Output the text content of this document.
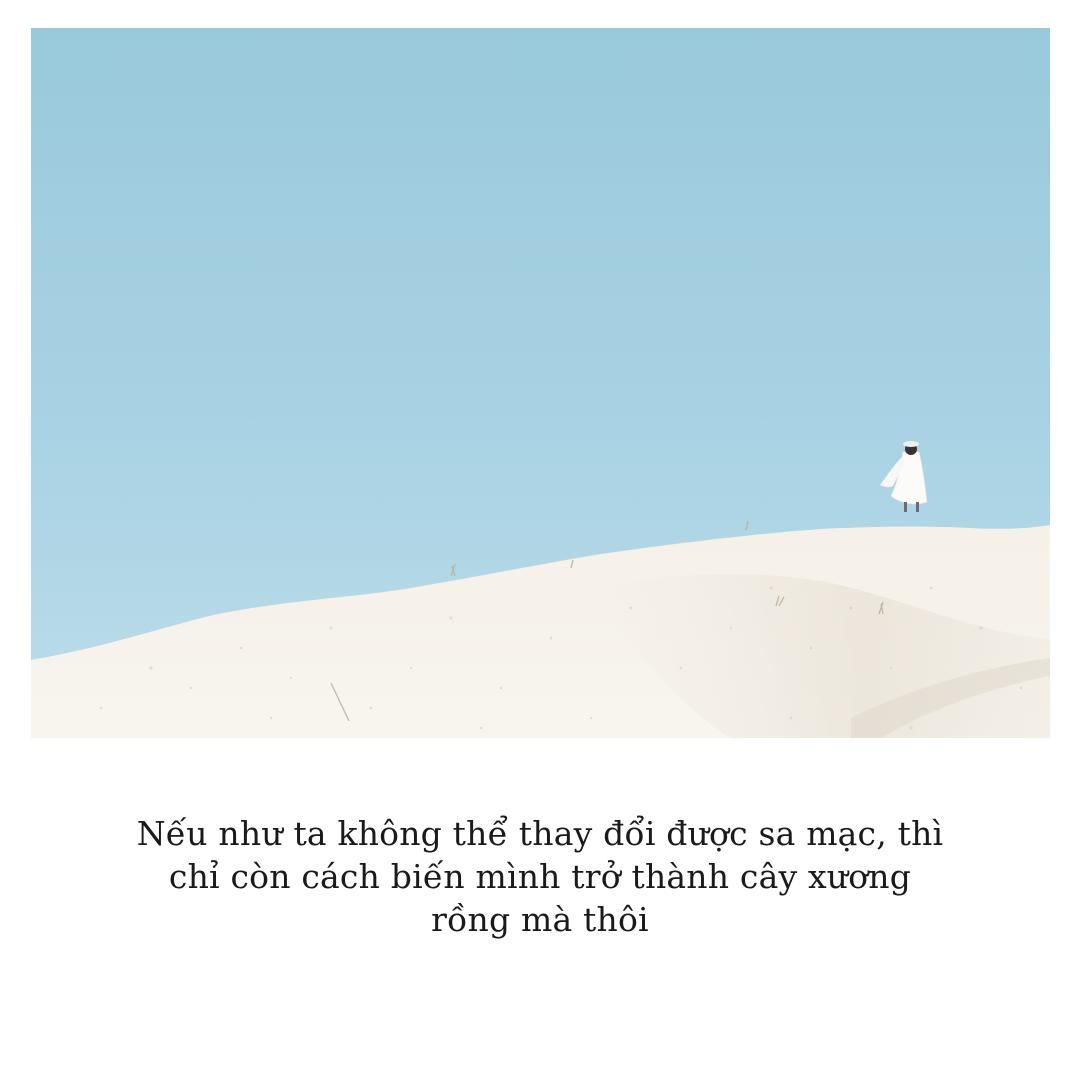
Nếu như ta không thể thay đổi được sa mạc, thì
chỉ còn cách biến mình trở thành cây xương
rồng mà thôi
